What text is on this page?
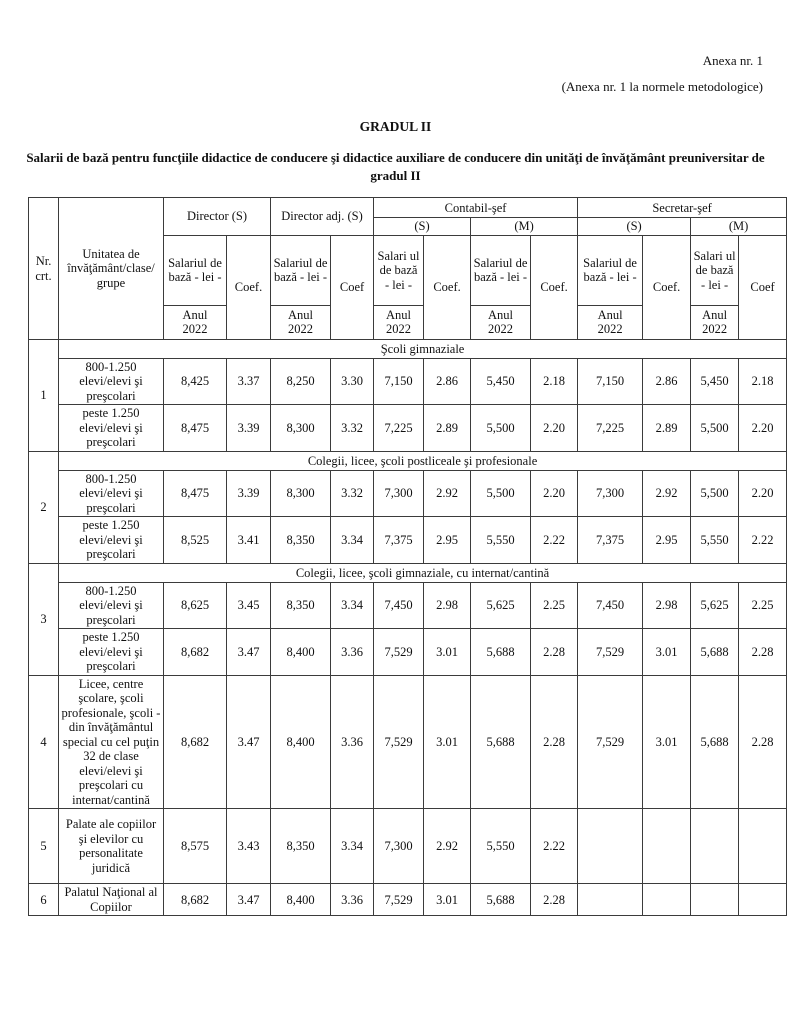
Anexa nr. 1
(Anexa nr. 1 la normele metodologice)
GRADUL II
Salarii de bază pentru funcţiile didactice de conducere şi didactice auxiliare de conducere din unităţi de învăţământ preuniversitar de gradul II
Nr. crt.	Unitatea de învăţământ/clase/ grupe	Director (S)		Director adj. (S)		Contabil-şef				Secretar-şef			
						(S)		(M)		(S)		(M)	
		Salariul de bază - lei -	Coef.	Salariul de bază - lei -	Coef	Salari ul de bază - lei -	Coef.	Salariul de bază - lei -	Coef.	Salariul de bază - lei -	Coef.	Salari ul de bază - lei -	Coef
		Anul 2022		Anul 2022		Anul 2022		Anul 2022		Anul 2022		Anul 2022	
1	Şcoli gimnaziale												
	800-1.250 elevi/elevi şi preşcolari	8,425	3.37	8,250	3.30	7,150	2.86	5,450	2.18	7,150	2.86	5,450	2.18
	peste 1.250 elevi/elevi şi preşcolari	8,475	3.39	8,300	3.32	7,225	2.89	5,500	2.20	7,225	2.89	5,500	2.20
2	Colegii, licee, şcoli postliceale şi profesionale												
	800-1.250 elevi/elevi şi preşcolari	8,475	3.39	8,300	3.32	7,300	2.92	5,500	2.20	7,300	2.92	5,500	2.20
	peste 1.250 elevi/elevi şi preşcolari	8,525	3.41	8,350	3.34	7,375	2.95	5,550	2.22	7,375	2.95	5,550	2.22
3	Colegii, licee, şcoli gimnaziale, cu internat/cantină												
	800-1.250 elevi/elevi şi preşcolari	8,625	3.45	8,350	3.34	7,450	2.98	5,625	2.25	7,450	2.98	5,625	2.25
	peste 1.250 elevi/elevi şi preşcolari	8,682	3.47	8,400	3.36	7,529	3.01	5,688	2.28	7,529	3.01	5,688	2.28
4	Licee, centre şcolare, şcoli profesionale, şcoli - din învăţământul special cu cel puţin 32 de clase elevi/elevi şi preşcolari cu internat/cantină	8,682	3.47	8,400	3.36	7,529	3.01	5,688	2.28	7,529	3.01	5,688	2.28
5	Palate ale copiilor şi elevilor cu personalitate juridică	8,575	3.43	8,350	3.34	7,300	2.92	5,550	2.22				
6	Palatul Naţional al Copiilor	8,682	3.47	8,400	3.36	7,529	3.01	5,688	2.28				
